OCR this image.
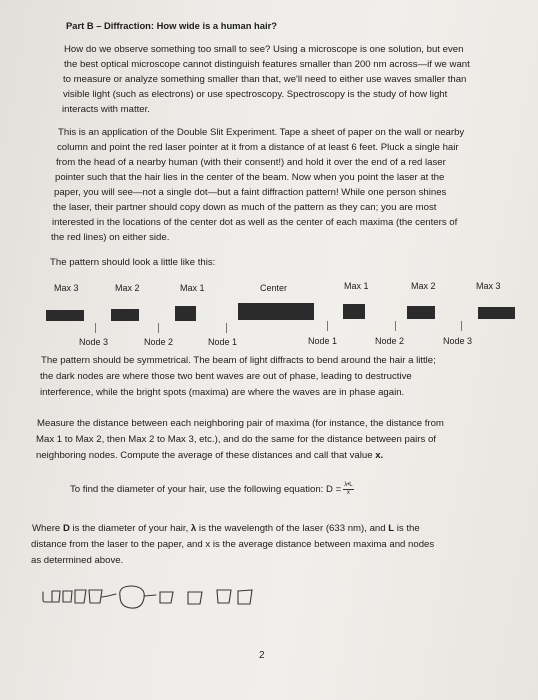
Part B – Diffraction: How wide is a human hair?

How do we observe something too small to see? Using a microscope is one solution, but even

the best optical microscope cannot distinguish features smaller than 200 nm across—if we want

to measure or analyze something smaller than that, we'll need to either use waves smaller than

visible light (such as electrons) or use spectroscopy. Spectroscopy is the study of how light

interacts with matter.

This is an application of the Double Slit Experiment. Tape a sheet of paper on the wall or nearby

column and point the red laser pointer at it from a distance of at least 6 feet. Pluck a single hair

from the head of a nearby human (with their consent!) and hold it over the end of a red laser

pointer such that the hair lies in the center of the beam. Now when you point the laser at the

paper, you will see—not a single dot—but a faint diffraction pattern! While one person shines

the laser, their partner should copy down as much of the pattern as they can; you are most

interested in the locations of the center dot as well as the center of each maxima (the centers of

the red lines) on either side.

The pattern should look a little like this:

Max 3	Max 2	Max 1	Center	Max 1	Max 2	Max 3
Node 3	Node 2	Node 1	Node 1	Node 2	Node 3

The pattern should be symmetrical. The beam of light diffracts to bend around the hair a little;

the dark nodes are where those two bent waves are out of phase, leading to destructive

interference, while the bright spots (maxima) are where the waves are in phase again.

Measure the distance between each neighboring pair of maxima (for instance, the distance from

Max 1 to Max 2, then Max 2 to Max 3, etc.), and do the same for the distance between pairs of

neighboring nodes. Compute the average of these distances and call that value x.

To find the diameter of your hair, use the following equation: $D = \frac{\lambda•L}{x}$

Where D is the diameter of your hair, λ is the wavelength of the laser (633 nm), and L is the

distance from the laser to the paper, and x is the average distance between maxima and nodes

as determined above.

2
